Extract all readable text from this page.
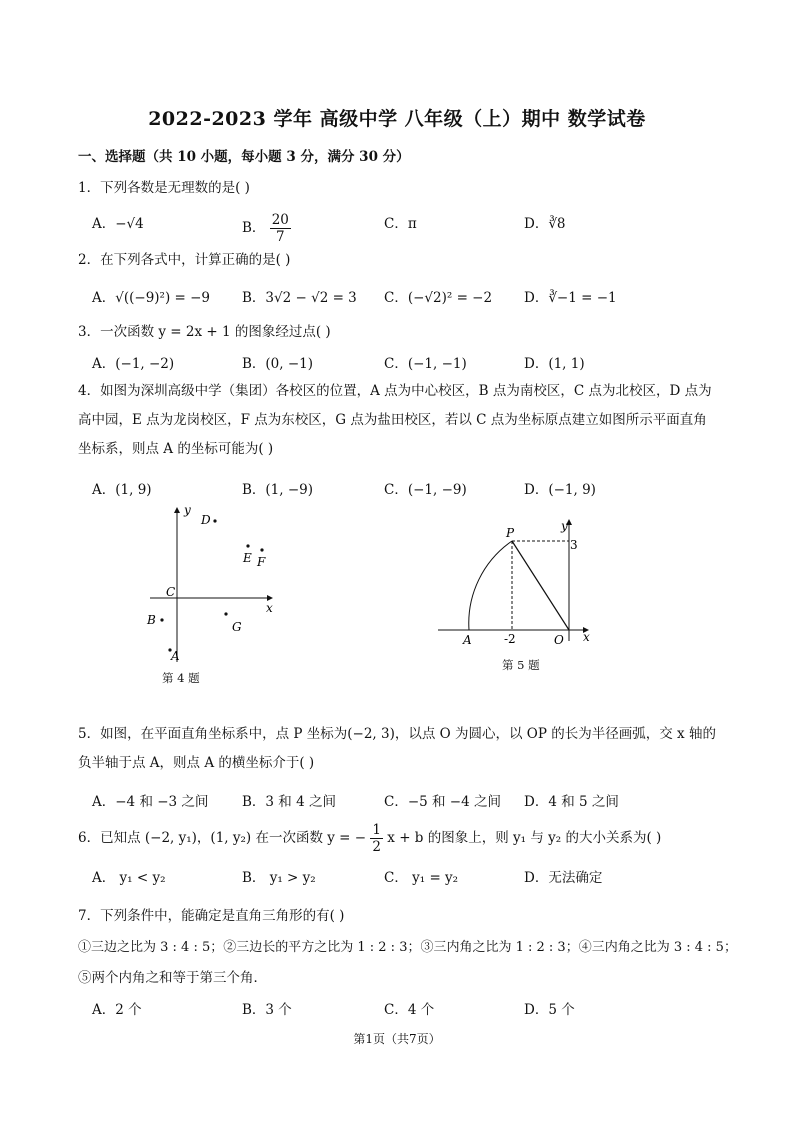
2022-2023 学年 高级中学 八年级（上）期中 数学试卷
一、选择题（共 10 小题，每小题 3 分，满分 30 分）
1．下列各数是无理数的是( )
A．−√4	B． $\frac{20}{7}$	C．π	D．∛8
2．在下列各式中，计算正确的是( )
A．√((−9)²) = −9 B．3√2 − √2 = 3 C．(−√2)² = −2 D．∛−1 = −1
3．一次函数 y = 2x + 1 的图象经过点( )
A．(−1, −2)	B．(0, −1)	C．(−1, −1)	D．(1, 1)
4．如图为深圳高级中学（集团）各校区的位置，A 点为中心校区，B 点为南校区，C 点为北校区，D 点为高中园，E 点为龙岗校区，F 点为东校区，G 点为盐田校区，若以 C 点为坐标原点建立如图所示平面直角坐标系，则点 A 的坐标可能为( )
A．(1, 9)	B．(1, −9)	C．(−1, −9)	D．(−1, 9)
y
x
C
D
E F
B	G
A
第 4 题
y
x
P
3
A	-2	O
第 5 题
5．如图，在平面直角坐标系中，点 P 坐标为(−2, 3)，以点 O 为圆心，以 OP 的长为半径画弧，交 x 轴的负半轴于点 A，则点 A 的横坐标介于( )
A．−4 和 −3 之间 B．3 和 4 之间	C．−5 和 −4 之间 D．4 和 5 之间
6．已知点 (−2, y₁)，(1, y₂) 在一次函数 y = − $\frac{1}{2}$ x + b 的图象上，则 y₁ 与 y₂ 的大小关系为( )
A． y₁ < y₂	B． y₁ > y₂	C． y₁ = y₂	D．无法确定
7．下列条件中，能确定是直角三角形的有( )
①三边之比为 3 : 4 : 5；②三边长的平方之比为 1 : 2 : 3；③三内角之比为 1 : 2 : 3；④三内角之比为 3 : 4 : 5；
⑤两个内角之和等于第三个角．
A．2 个	B．3 个	C．4 个	D．5 个
第1页（共7页）
